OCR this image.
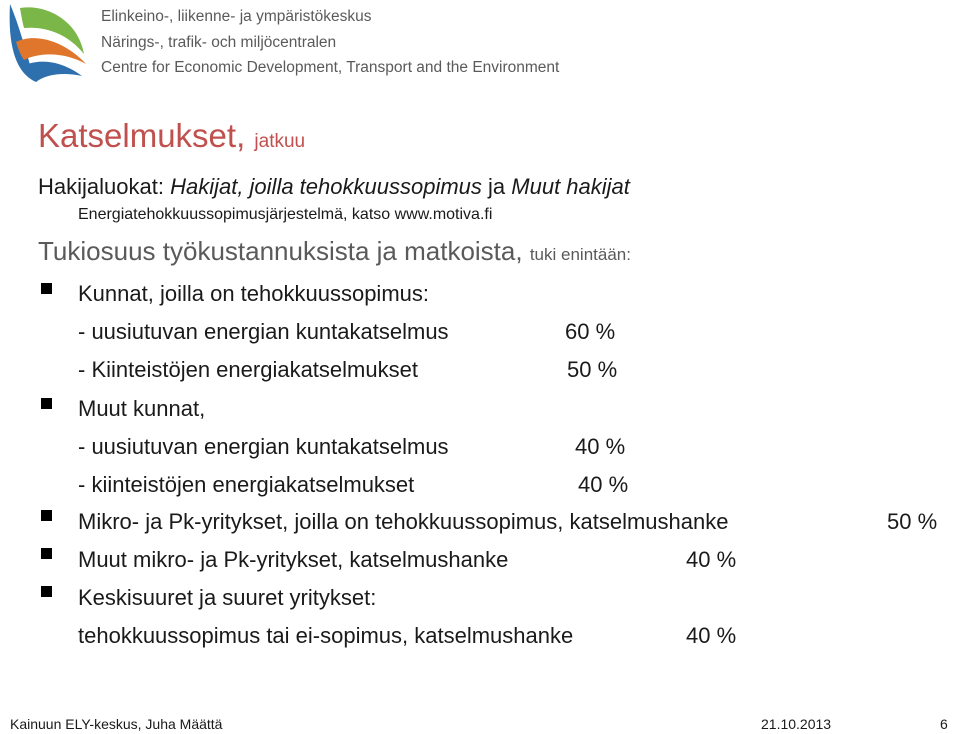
Elinkeino-, liikenne- ja ympäristökeskus
Närings-, trafik- och miljöcentralen
Centre for Economic Development, Transport and the Environment
Katselmukset, jatkuu
Hakijaluokat: Hakijat, joilla tehokkuussopimus ja Muut hakijat
Energiatehokkuussopimusjärjestelmä, katso www.motiva.fi
Tukiosuus työkustannuksista ja matkoista, tuki enintään:
Kunnat, joilla on tehokkuussopimus:
- uusiutuvan energian kuntakatselmus	60 %
- Kiinteistöjen energiakatselmukset	50 %
Muut kunnat,
- uusiutuvan energian kuntakatselmus	40 %
- kiinteistöjen energiakatselmukset	40 %
Mikro- ja Pk-yritykset, joilla on tehokkuussopimus, katselmushanke	50 %
Muut mikro- ja Pk-yritykset, katselmushanke	40 %
Keskisuuret ja suuret yritykset:
tehokkuussopimus tai ei-sopimus, katselmushanke	40 %
Kainuun ELY-keskus, Juha Määttä	21.10.2013	6
